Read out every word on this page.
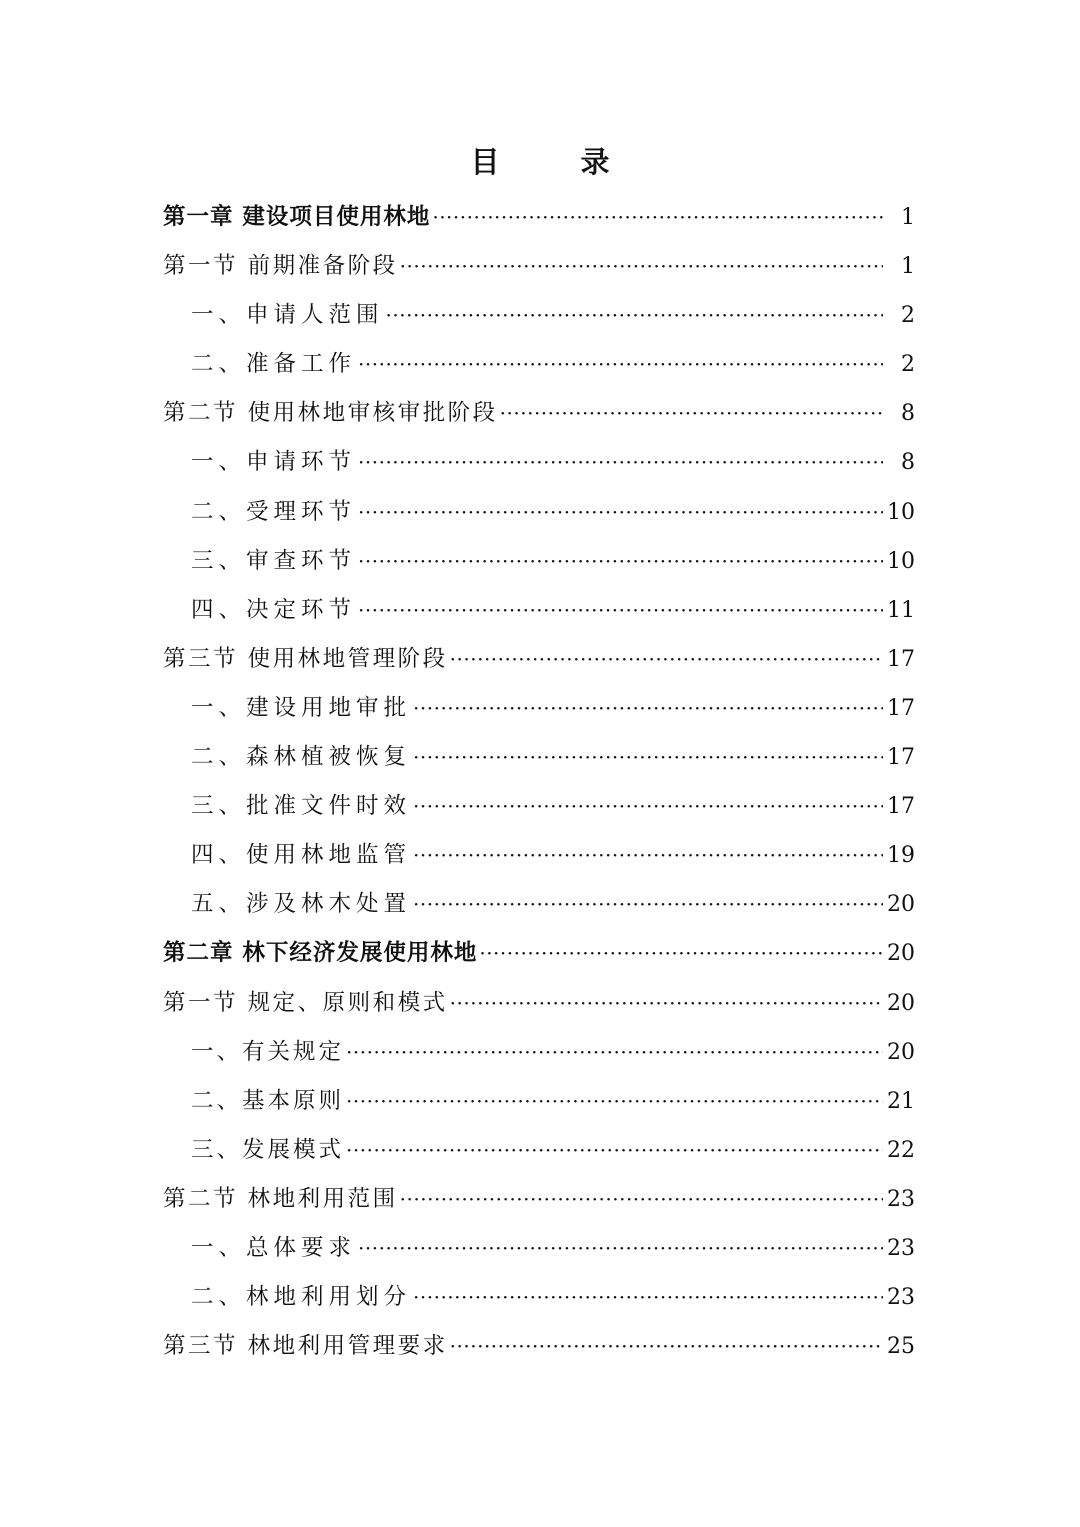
目　录
第一章 建设项目使用林地 ·····	1
第一节 前期准备阶段 ·····	1
一、申请人范围 ·····	2
二、准备工作 ·····	2
第二节 使用林地审核审批阶段 ·····	8
一、申请环节 ·····	8
二、受理环节 ·····	10
三、审查环节 ·····	10
四、决定环节 ·····	11
第三节 使用林地管理阶段 ·····	17
一、建设用地审批 ·····	17
二、森林植被恢复 ·····	17
三、批准文件时效 ·····	17
四、使用林地监管 ·····	19
五、涉及林木处置 ·····	20
第二章 林下经济发展使用林地 ·····	20
第一节 规定、原则和模式 ·····	20
一、有关规定 ·····	20
二、基本原则 ·····	21
三、发展模式 ·····	22
第二节 林地利用范围 ·····	23
一、总体要求 ·····	23
二、林地利用划分 ·····	23
第三节 林地利用管理要求 ·····	25
